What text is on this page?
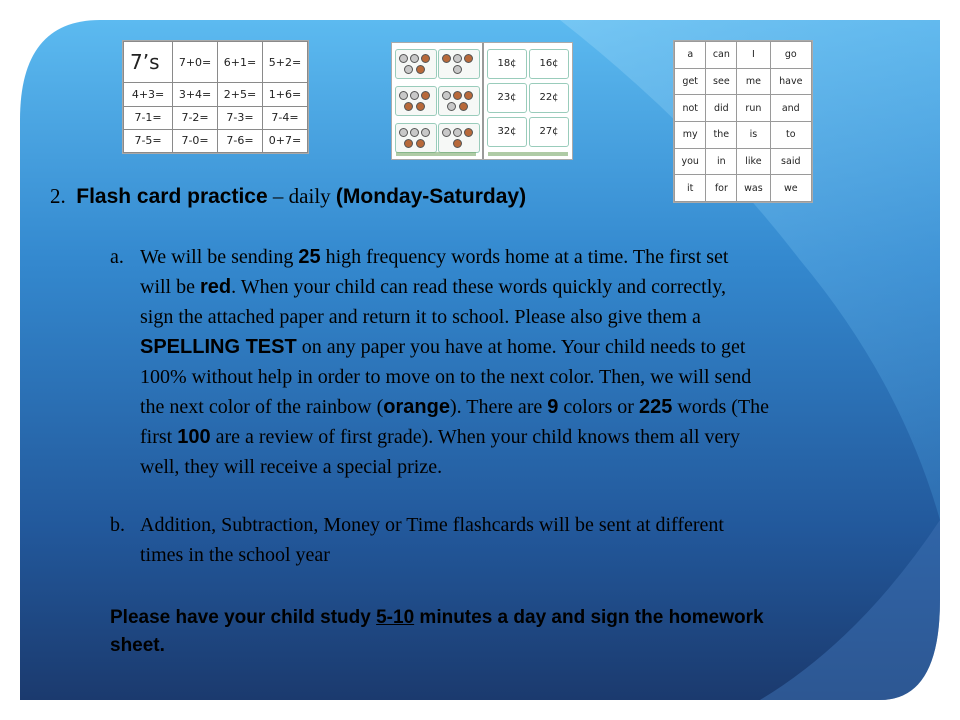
7’s	7+0=	6+1=	5+2=
4+3=	3+4=	2+5=	1+6=
7-1=	7-2=	7-3=	7-4=
7-5=	7-0=	7-6=	0+7=
18¢	16¢
23¢	22¢
32¢	27¢
a	can	I	go
get	see	me	have
not	did	run	and
my	the	is	to
you	in	like	said
it	for	was	we
2. Flash card practice – daily (Monday-Saturday)
a. We will be sending 25 high frequency words home at a time. The first set
will be red. When your child can read these words quickly and correctly,
sign the attached paper and return it to school. Please also give them a
SPELLING TEST on any paper you have at home. Your child needs to get
100% without help in order to move on to the next color. Then, we will send
the next color of the rainbow (orange). There are 9 colors or 225 words (The
first 100 are a review of first grade). When your child knows them all very
well, they will receive a special prize.
b. Addition, Subtraction, Money or Time flashcards will be sent at different
times in the school year
Please have your child study 5-10 minutes a day and sign the homework
sheet.
